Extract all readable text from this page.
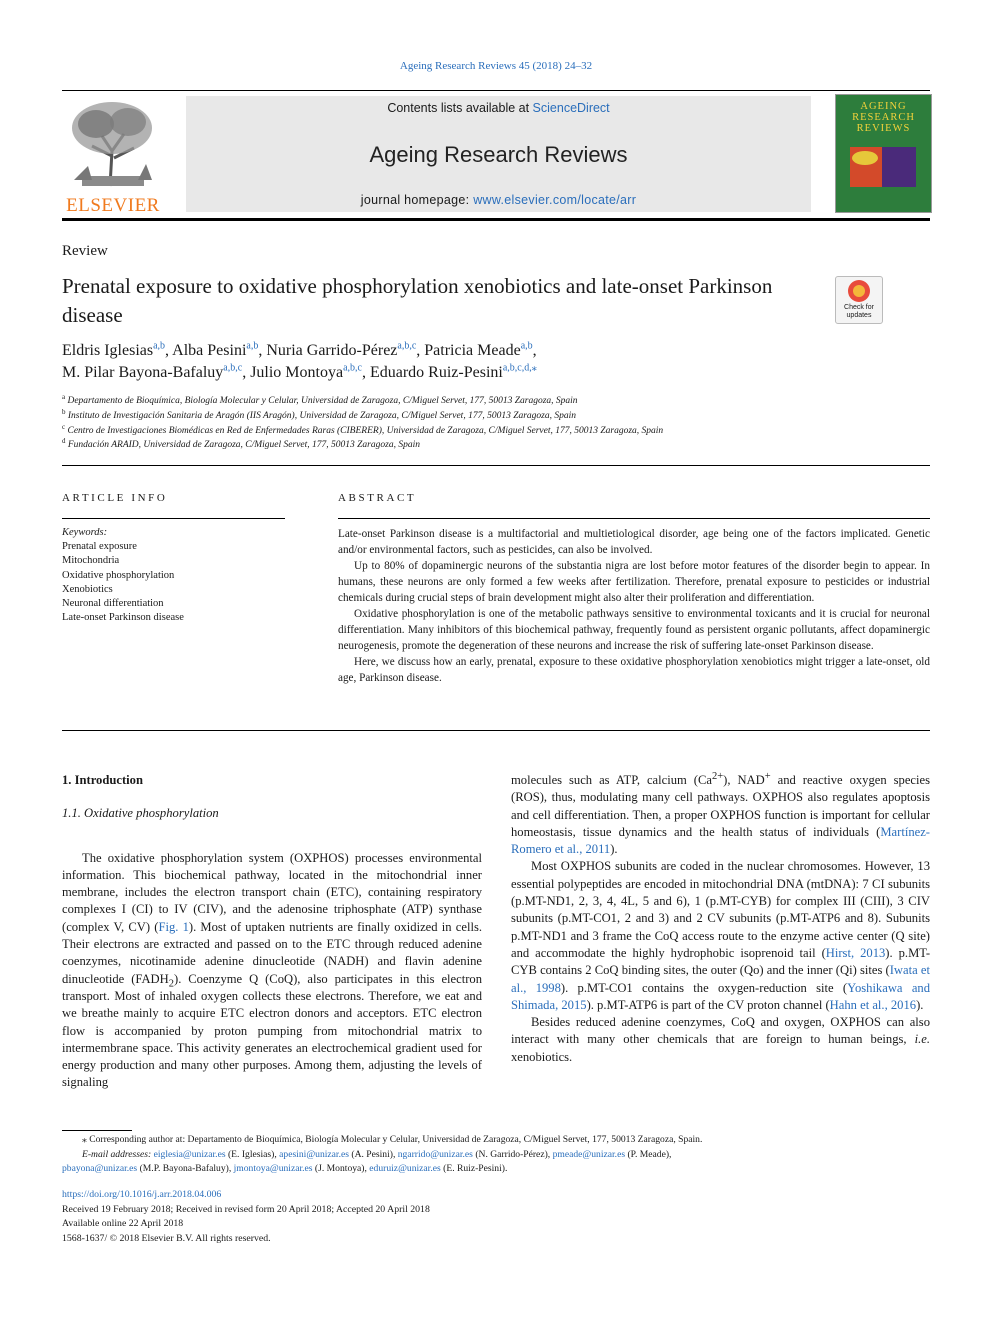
Ageing Research Reviews 45 (2018) 24–32
ELSEVIER
Contents lists available at ScienceDirect
Ageing Research Reviews
journal homepage: www.elsevier.com/locate/arr
AGEING RESEARCH REVIEWS
Review
Prenatal exposure to oxidative phosphorylation xenobiotics and late-onset Parkinson disease	Check for updates
Eldris Iglesias$^{a,b}$, Alba Pesini$^{a,b}$, Nuria Garrido-Pérez$^{a,b,c}$, Patricia Meade$^{a,b}$,
M. Pilar Bayona-Bafaluy$^{a,b,c}$, Julio Montoya$^{a,b,c}$, Eduardo Ruiz-Pesini$^{a,b,c,d,⁎}$
$^a$ Departamento de Bioquímica, Biología Molecular y Celular, Universidad de Zaragoza, C/Miguel Servet, 177, 50013 Zaragoza, Spain
$^b$ Instituto de Investigación Sanitaria de Aragón (IIS Aragón), Universidad de Zaragoza, C/Miguel Servet, 177, 50013 Zaragoza, Spain
$^c$ Centro de Investigaciones Biomédicas en Red de Enfermedades Raras (CIBERER), Universidad de Zaragoza, C/Miguel Servet, 177, 50013 Zaragoza, Spain
$^d$ Fundación ARAID, Universidad de Zaragoza, C/Miguel Servet, 177, 50013 Zaragoza, Spain
ARTICLE INFO	ABSTRACT
Keywords:
Prenatal exposure
Mitochondria
Oxidative phosphorylation
Xenobiotics
Neuronal differentiation
Late-onset Parkinson disease

Late-onset Parkinson disease is a multifactorial and multietiological disorder, age being one of the factors implicated. Genetic and/or environmental factors, such as pesticides, can also be involved.

Up to 80% of dopaminergic neurons of the substantia nigra are lost before motor features of the disorder begin to appear. In humans, these neurons are only formed a few weeks after fertilization. Therefore, prenatal exposure to pesticides or industrial chemicals during crucial steps of brain development might also alter their proliferation and differentiation.

Oxidative phosphorylation is one of the metabolic pathways sensitive to environmental toxicants and it is crucial for neuronal differentiation. Many inhibitors of this biochemical pathway, frequently found as persistent organic pollutants, affect dopaminergic neurogenesis, promote the degeneration of these neurons and increase the risk of suffering late-onset Parkinson disease.

Here, we discuss how an early, prenatal, exposure to these oxidative phosphorylation xenobiotics might trigger a late-onset, old age, Parkinson disease.

1. Introduction

1.1. Oxidative phosphorylation

The oxidative phosphorylation system (OXPHOS) processes environmental information. This biochemical pathway, located in the mitochondrial inner membrane, includes the electron transport chain (ETC), containing respiratory complexes I (CI) to IV (CIV), and the adenosine triphosphate (ATP) synthase (complex V, CV) (Fig. 1). Most of uptaken nutrients are finally oxidized in cells. Their electrons are extracted and passed on to the ETC through reduced adenine coenzymes, nicotinamide adenine dinucleotide (NADH) and flavin adenine dinucleotide $(FADH_2)$. Coenzyme Q (CoQ), also participates in this electron transport. Most of inhaled oxygen collects these electrons. Therefore, we eat and we breathe mainly to acquire ETC electron donors and acceptors. ETC electron flow is accompanied by proton pumping from mitochondrial matrix to intermembrane space. This activity generates an electrochemical gradient used for energy production and many other purposes. Among them, adjusting the levels of signaling

molecules such as ATP, calcium $(Ca^{2+})$, NAD+ and reactive oxygen species (ROS), thus, modulating many cell pathways. OXPHOS also regulates apoptosis and cell differentiation. Then, a proper OXPHOS function is important for cellular homeostasis, tissue dynamics and the health status of individuals (Martínez-Romero et al., 2011).

Most OXPHOS subunits are coded in the nuclear chromosomes. However, 13 essential polypeptides are encoded in mitochondrial DNA (mtDNA): 7 CI subunits (p.MT-ND1, 2, 3, 4, 4L, 5 and 6), 1 (p.MT-CYB) for complex III (CIII), 3 CIV subunits (p.MT-CO1, 2 and 3) and 2 CV subunits (p.MT-ATP6 and 8). Subunits p.MT-ND1 and 3 frame the CoQ access route to the enzyme active center (Q site) and accommodate the highly hydrophobic isoprenoid tail (Hirst, 2013). p.MT-CYB contains 2 CoQ binding sites, the outer (Qo) and the inner (Qi) sites (Iwata et al., 1998). p.MT-CO1 contains the oxygen-reduction site (Yoshikawa and Shimada, 2015). p.MT-ATP6 is part of the CV proton channel (Hahn et al., 2016).

Besides reduced adenine coenzymes, CoQ and oxygen, OXPHOS can also interact with many other chemicals that are foreign to human beings, i.e. xenobiotics.

⁎ Corresponding author at: Departamento de Bioquímica, Biología Molecular y Celular, Universidad de Zaragoza, C/Miguel Servet, 177, 50013 Zaragoza, Spain.

E-mail addresses: eiglesia@unizar.es (E. Iglesias), apesini@unizar.es (A. Pesini), ngarrido@unizar.es (N. Garrido-Pérez), pmeade@unizar.es (P. Meade),

pbayona@unizar.es (M.P. Bayona-Bafaluy), jmontoya@unizar.es (J. Montoya), eduruiz@unizar.es (E. Ruiz-Pesini).

https://doi.org/10.1016/j.arr.2018.04.006

Received 19 February 2018; Received in revised form 20 April 2018; Accepted 20 April 2018

Available online 22 April 2018

1568-1637/ © 2018 Elsevier B.V. All rights reserved.
